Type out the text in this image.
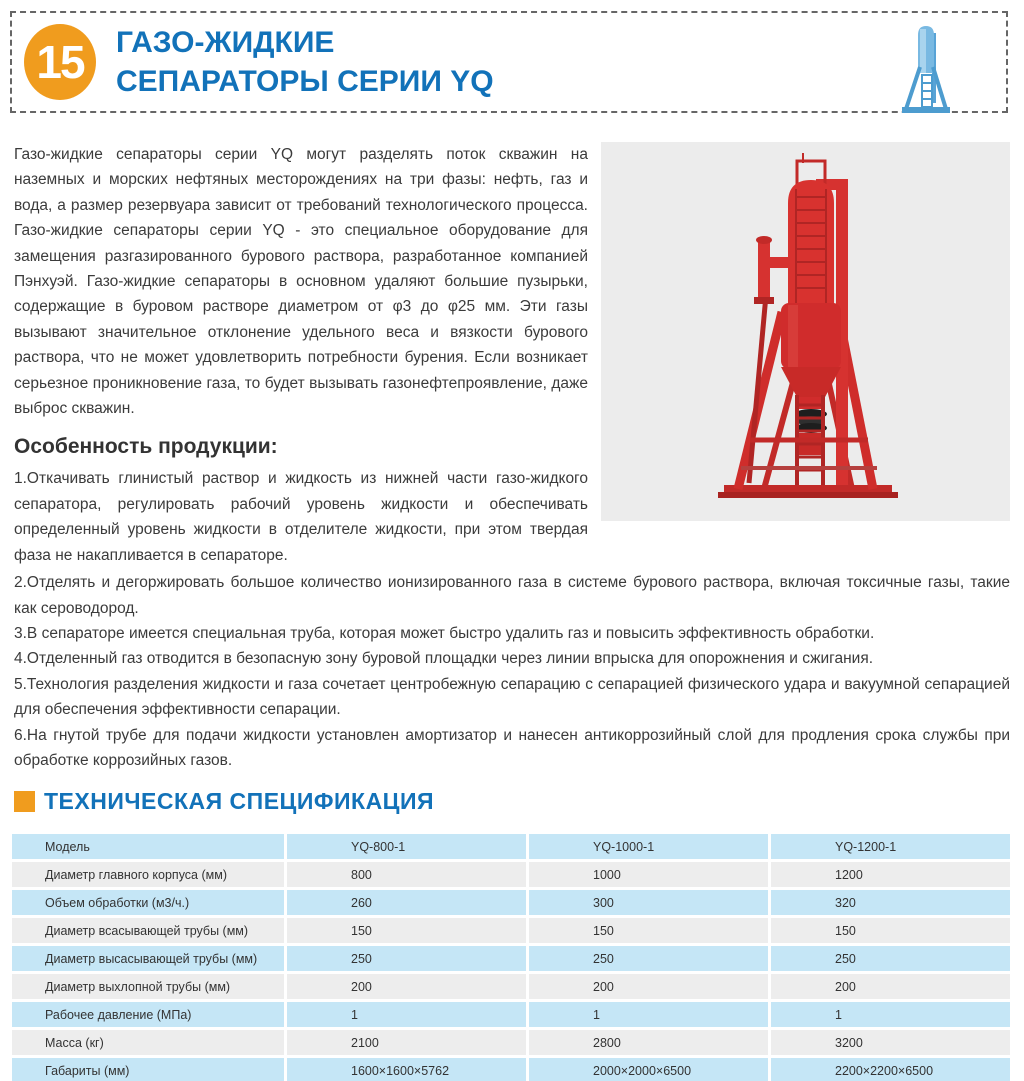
15 ГАЗО-ЖИДКИЕ
СЕПАРАТОРЫ СЕРИИ YQ

Газо-жидкие сепараторы серии YQ могут разделять поток скважин на наземных и морских нефтяных месторождениях на три фазы: нефть, газ и вода, а размер резервуара зависит от требований технологического процесса. Газо-жидкие сепараторы серии YQ - это специальное оборудование для замещения разгазированного бурового раствора, разработанное компанией Пэнхуэй. Газо-жидкие сепараторы в основном удаляют большие пузырьки, содержащие в буровом растворе диаметром от φ3 до φ25 мм. Эти газы вызывают значительное отклонение удельного веса и вязкости бурового раствора, что не может удовлетворить потребности бурения. Если возникает серьезное проникновение газа, то будет вызывать газонефтепроявление, даже выброс скважин.

Особенность продукции:

1.Откачивать глинистый раствор и жидкость из нижней части газо-жидкого сепаратора, регулировать рабочий уровень жидкости и обеспечивать определенный уровень жидкости в отделителе жидкости, при этом твердая фаза не накапливается в сепараторе.

2.Отделять и дегоржировать большое количество ионизированного газа в системе бурового раствора, включая токсичные газы, такие как сероводород.

3.В сепараторе имеется специальная труба, которая может быстро удалить газ и повысить эффективность обработки.

4.Отделенный газ отводится в безопасную зону буровой площадки через линии впрыска для опорожнения и сжигания.

5.Технология разделения жидкости и газа сочетает центробежную сепарацию с сепарацией физического удара и вакуумной сепарацией для обеспечения эффективности сепарации.

6.На гнутой трубе для подачи жидкости установлен амортизатор и нанесен антикоррозийный слой для продления срока службы при обработке коррозийных газов.

ТЕХНИЧЕСКАЯ СПЕЦИФИКАЦИЯ
Модель	YQ-800-1	YQ-1000-1	YQ-1200-1
Диаметр главного корпуса (мм)	800	1000	1200
Объем обработки (м3/ч.)	260	300	320
Диаметр всасывающей трубы (мм)	150	150	150
Диаметр высасывающей трубы (мм)	250	250	250
Диаметр выхлопной трубы (мм)	200	200	200
Рабочее давление (МПа)	1	1	1
Масса (кг)	2100	2800	3200
Габариты (мм)	1600×1600×5762	2000×2000×6500	2200×2200×6500
